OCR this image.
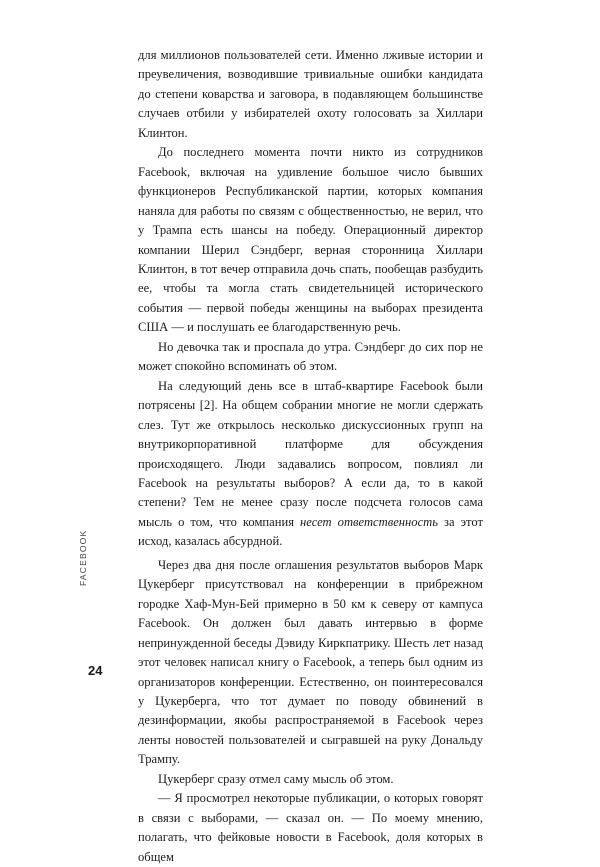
для миллионов пользователей сети. Именно лживые истории и преувеличения, возводившие тривиальные ошибки кандидата до степени коварства и заговора, в подавляющем большинстве случаев отбили у избирателей охоту голосовать за Хиллари Клинтон.

До последнего момента почти никто из сотрудников Facebook, включая на удивление большое число бывших функционеров Республиканской партии, которых компания наняла для работы по связям с общественностью, не верил, что у Трампа есть шансы на победу. Операционный директор компании Шерил Сэндберг, верная сторонница Хиллари Клинтон, в тот вечер отправила дочь спать, пообещав разбудить ее, чтобы та могла стать свидетельницей исторического события — первой победы женщины на выборах президента США — и послушать ее благодарственную речь.

Но девочка так и проспала до утра. Сэндберг до сих пор не может спокойно вспоминать об этом.

На следующий день все в штаб-квартире Facebook были потрясены [2]. На общем собрании многие не могли сдержать слез. Тут же открылось несколько дискуссионных групп на внутрикорпоративной платформе для обсуждения происходящего. Люди задавались вопросом, повлиял ли Facebook на результаты выборов? А если да, то в какой степени? Тем не менее сразу после подсчета голосов сама мысль о том, что компания несет ответственность за этот исход, казалась абсурдной.

Через два дня после оглашения результатов выборов Марк Цукерберг присутствовал на конференции в прибрежном городке Хаф-Мун-Бей примерно в 50 км к северу от кампуса Facebook. Он должен был давать интервью в форме непринужденной беседы Дэвиду Киркпатрику. Шесть лет назад этот человек написал книгу о Facebook, а теперь был одним из организаторов конференции. Естественно, он поинтересовался у Цукерберга, что тот думает по поводу обвинений в дезинформации, якобы распространяемой в Facebook через ленты новостей пользователей и сыгравшей на руку Дональду Трампу.

Цукерберг сразу отмел саму мысль об этом.

— Я просмотрел некоторые публикации, о которых говорят в связи с выборами, — сказал он. — По моему мнению, полагать, что фейковые новости в Facebook, доля которых в общем

FACEBOOK
24
